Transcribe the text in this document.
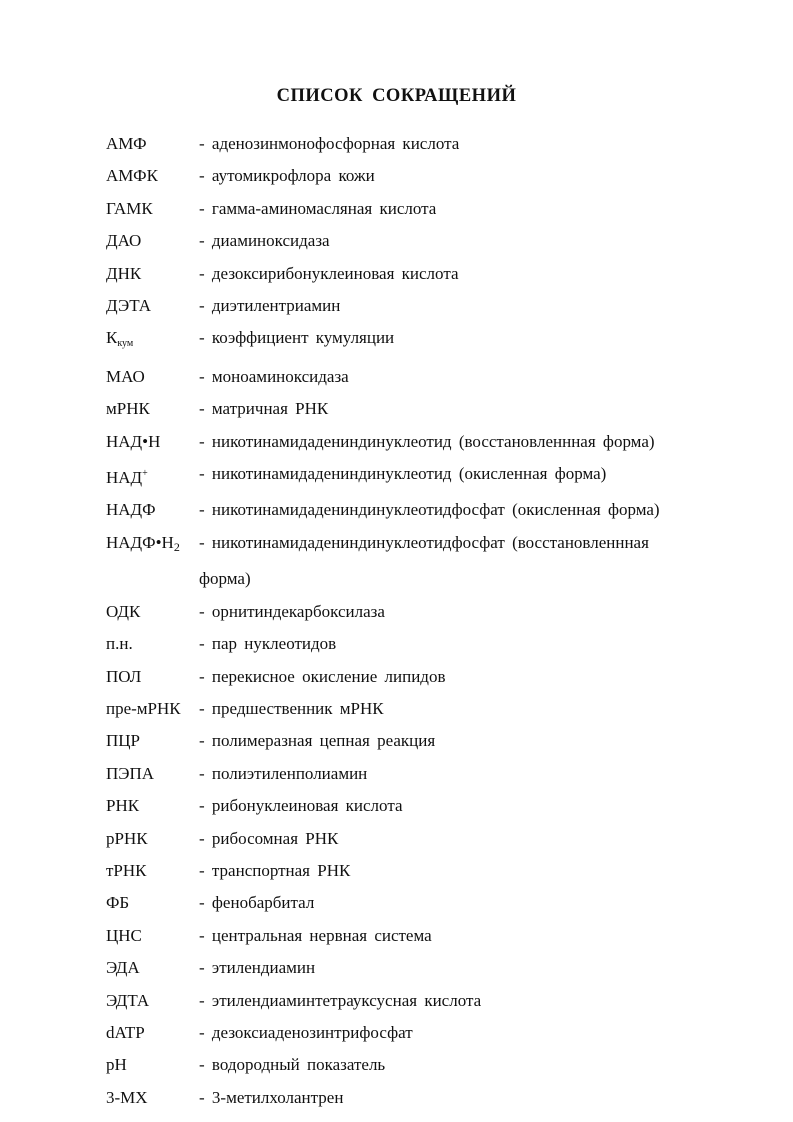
СПИСОК СОКРАЩЕНИЙ
АМФ	- аденозинмонофосфорная кислота
АМФК	- аутомикрофлора кожи
ГАМК	- гамма-аминомасляная кислота
ДАО	- диаминоксидаза
ДНК	- дезоксирибонуклеиновая кислота
ДЭТА	- диэтилентриамин
$К_{кум}$	- коэффициент кумуляции
МАО	- моноаминоксидаза
мРНК	- матричная РНК
НАД•Н	- никотинамидадениндинуклеотид (восстановленнная форма)
НАД+	- никотинамидадениндинуклеотид (окисленная форма)
НАДФ	- никотинамидадениндинуклеотидфосфат (окисленная форма)
$НАДФ•Н_2$	- никотинамидадениндинуклеотидфосфат (восстановленнная
форма)
ОДК	- орнитиндекарбоксилаза
п.н.	- пар нуклеотидов
ПОЛ	- перекисное окисление липидов
пре-мРНК	- предшественник мРНК
ПЦР	- полимеразная цепная реакция
ПЭПА	- полиэтиленполиамин
РНК	- рибонуклеиновая кислота
рРНК	- рибосомная РНК
тРНК	- транспортная РНК
ФБ	- фенобарбитал
ЦНС	- центральная нервная система
ЭДА	- этилендиамин
ЭДТА	- этилендиаминтетрауксусная кислота
dATP	- дезоксиаденозинтрифосфат
pH	- водородный показатель
3-MX	- 3-метилхолантрен
